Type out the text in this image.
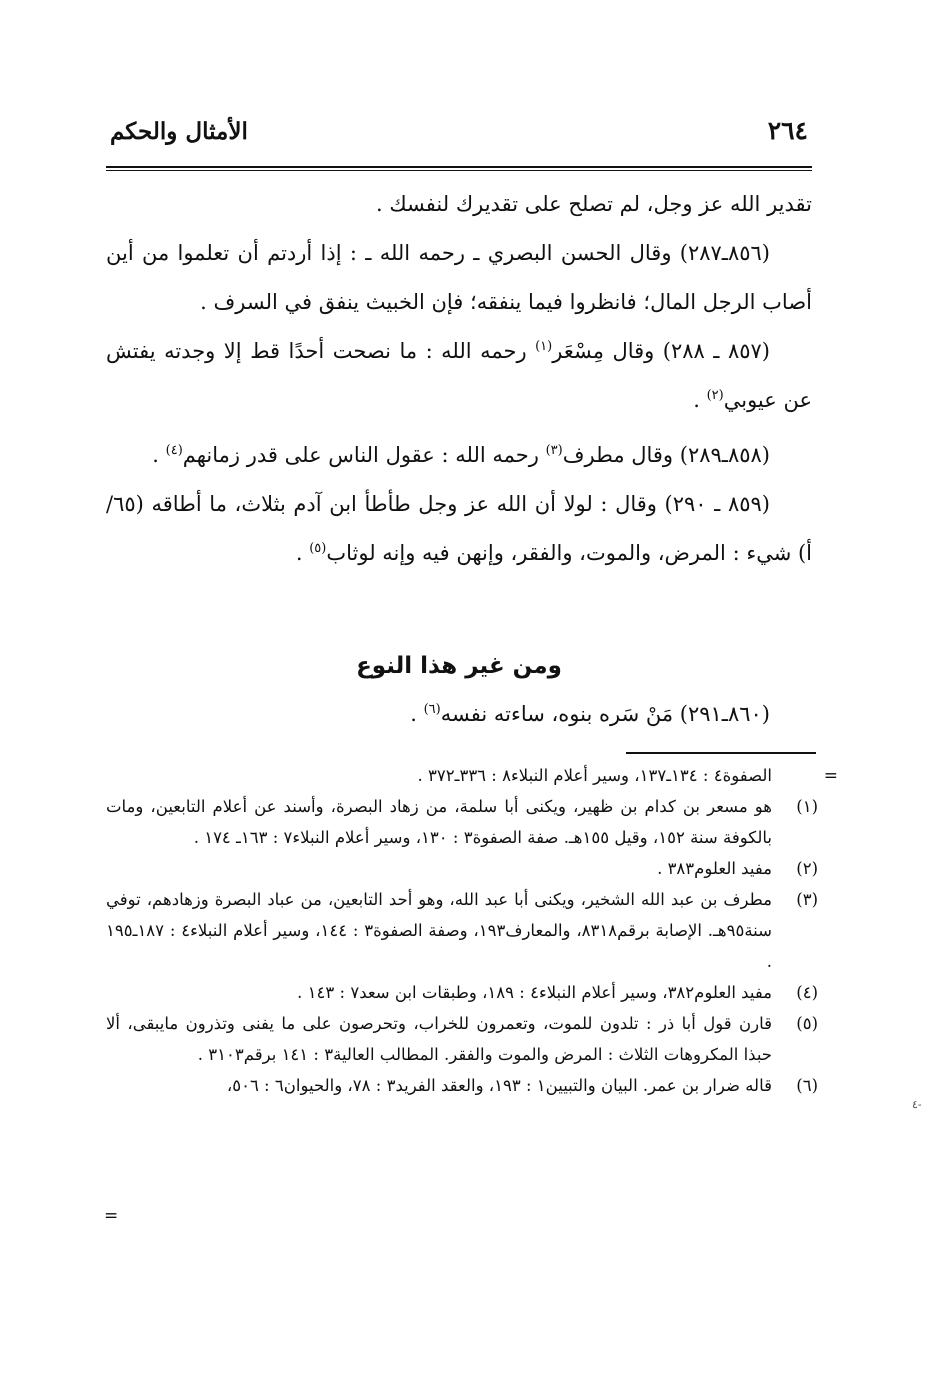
٢٦٤
الأمثال والحكم

تقدير الله عز وجل، لم تصلح على تقديرك لنفسك .

(٨٥٦ـ٢٨٧) وقال الحسن البصري ـ رحمه الله ـ : إذا أردتم أن تعلموا من أين أصاب الرجل المال؛ فانظروا فيما ينفقه؛ فإن الخبيث ينفق في السرف .

(٨٥٧ ـ ٢٨٨) وقال مِسْعَر$^{(١)}$ رحمه الله : ما نصحت أحدًا قط إلا وجدته يفتش عن عيوبي$^{(٢)}$ .

(٨٥٨ـ٢٨٩) وقال مطرف$^{(٣)}$ رحمه الله : عقول الناس على قدر زمانهم$^{(٤)}$ .

(٨٥٩ ـ ٢٩٠) وقال : لولا أن الله عز وجل طأطأ ابن آدم بثلاث، ما أطاقه (٦٥/ أ) شيء : المرض، والموت، والفقر، وإنهن فيه وإنه لوثاب$^{(٥)}$ .

ومن غير هذا النوع

(٨٦٠ـ٢٩١) مَنْ سَره بنوه، ساءته نفسه$^{(٦)}$ .

=
الصفوة٤ : ١٣٤ـ١٣٧، وسير أعلام النبلاء٨ : ٣٣٦ـ٣٧٢ .
(١)
هو مسعر بن كدام بن ظهير، ويكنى أبا سلمة، من زهاد البصرة، وأسند عن أعلام التابعين، ومات بالكوفة سنة ١٥٢، وقيل ١٥٥هـ. صفة الصفوة٣ : ١٣٠، وسير أعلام النبلاء٧ : ١٦٣ـ ١٧٤ .
(٢)
مفيد العلوم٣٨٣ .
(٣)
مطرف بن عبد الله الشخير، ويكنى أبا عبد الله، وهو أحد التابعين، من عباد البصرة وزهادهم، توفي سنة٩٥هـ. الإصابة برقم٨٣١٨، والمعارف١٩٣، وصفة الصفوة٣ : ١٤٤، وسير أعلام النبلاء٤ : ١٨٧ـ١٩٥ .
(٤)
مفيد العلوم٣٨٢، وسير أعلام النبلاء٤ : ١٨٩، وطبقات ابن سعد٧ : ١٤٣ .
(٥)
قارن قول أبا ذر : تلدون للموت، وتعمرون للخراب، وتحرصون على ما يفنى وتذرون مايبقى، ألا حبذا المكروهات الثلاث : المرض والموت والفقر. المطالب العالية٣ : ١٤١ برقم٣١٠٣ .
(٦)
قاله ضرار بن عمر. البيان والتبيين١ : ١٩٣، والعقد الفريد٣ : ٧٨، والحيوان٦ : ٥٠٦،
=
٤-
